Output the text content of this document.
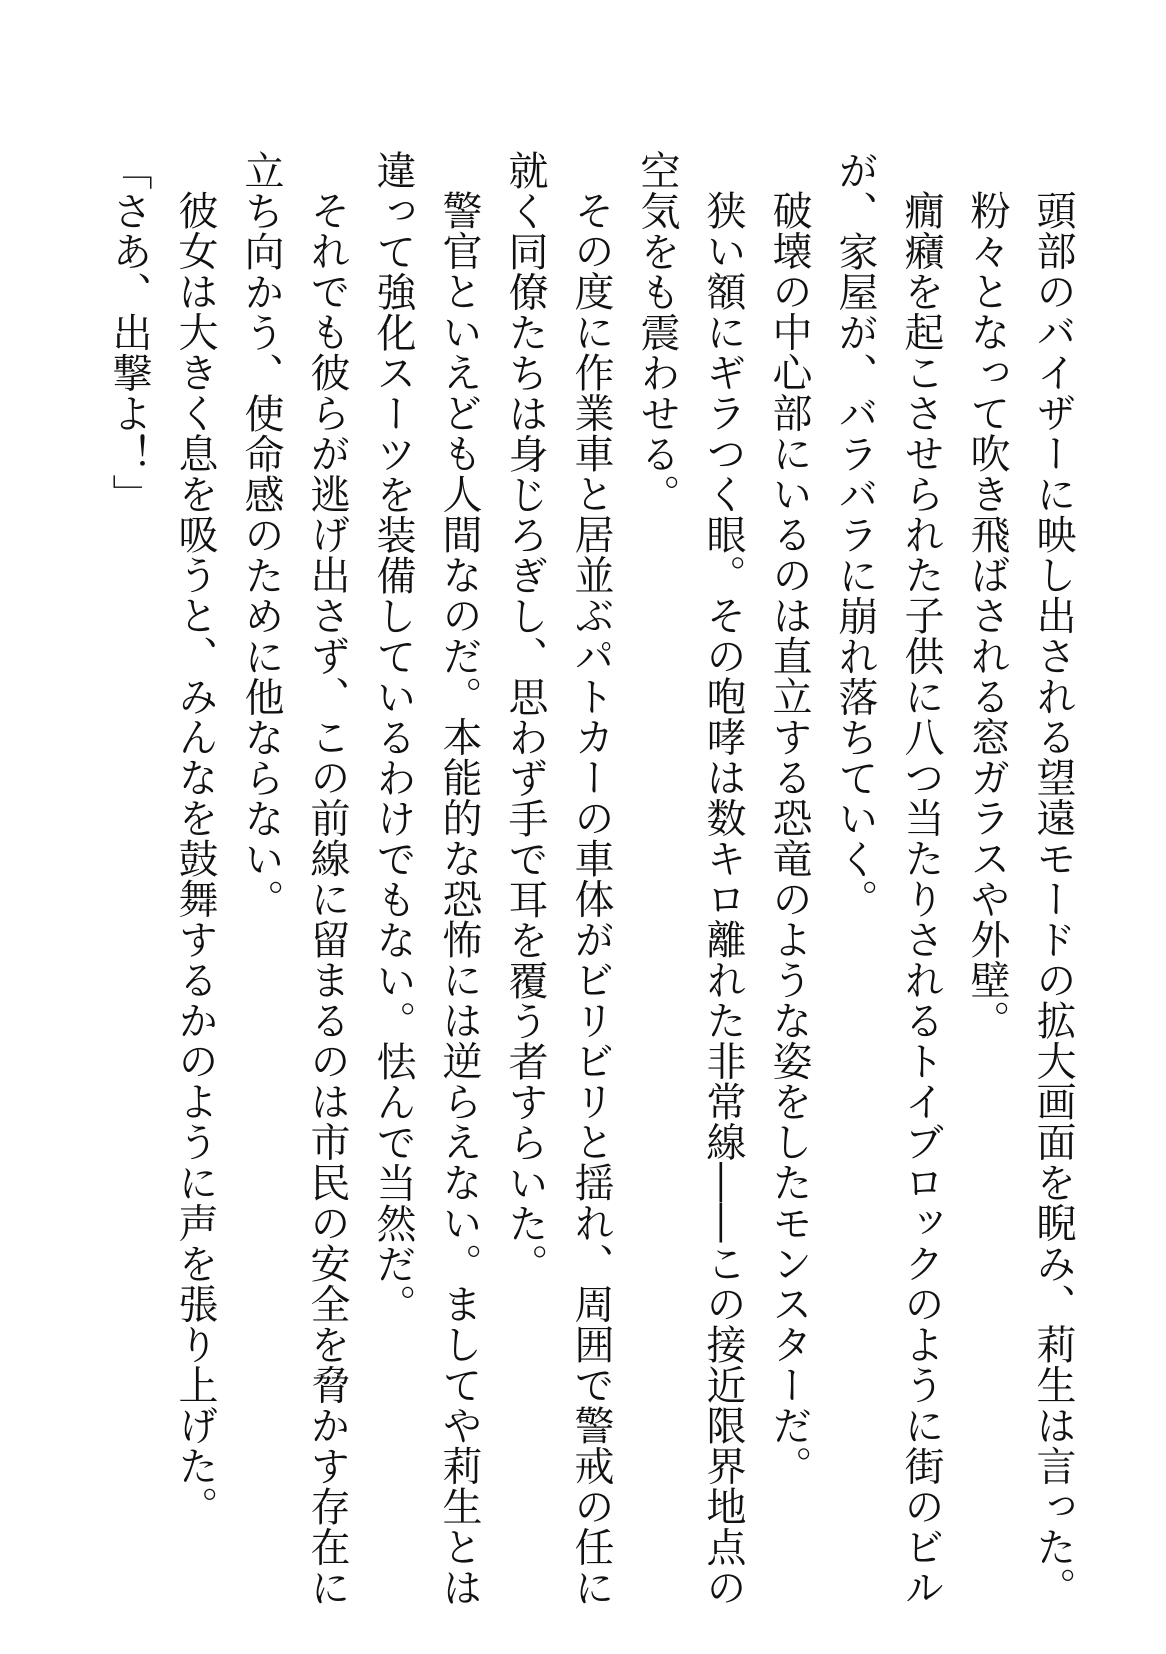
頭部のバイザーに映し出される望遠モードの拡大画面を睨み、莉生は言った。
粉々となって吹き飛ばされる窓ガラスや外壁。
癇癪を起こさせられた子供に八つ当たりされるトイブロックのように街のビル
が、家屋が、バラバラに崩れ落ちていく。
破壊の中心部にいるのは直立する恐竜のような姿をしたモンスターだ。
狭い額にギラつく眼。その咆哮は数キロ離れた非常線――この接近限界地点の
空気をも震わせる。
その度に作業車と居並ぶパトカーの車体がビリビリと揺れ、周囲で警戒の任に
就く同僚たちは身じろぎし、思わず手で耳を覆う者すらいた。
警官といえども人間なのだ。本能的な恐怖には逆らえない。ましてや莉生とは
違って強化スーツを装備しているわけでもない。怯んで当然だ。
それでも彼らが逃げ出さず、この前線に留まるのは市民の安全を脅かす存在に
立ち向かう、使命感のために他ならない。
彼女は大きく息を吸うと、みんなを鼓舞するかのように声を張り上げた。
「さあ、出撃よ！」
